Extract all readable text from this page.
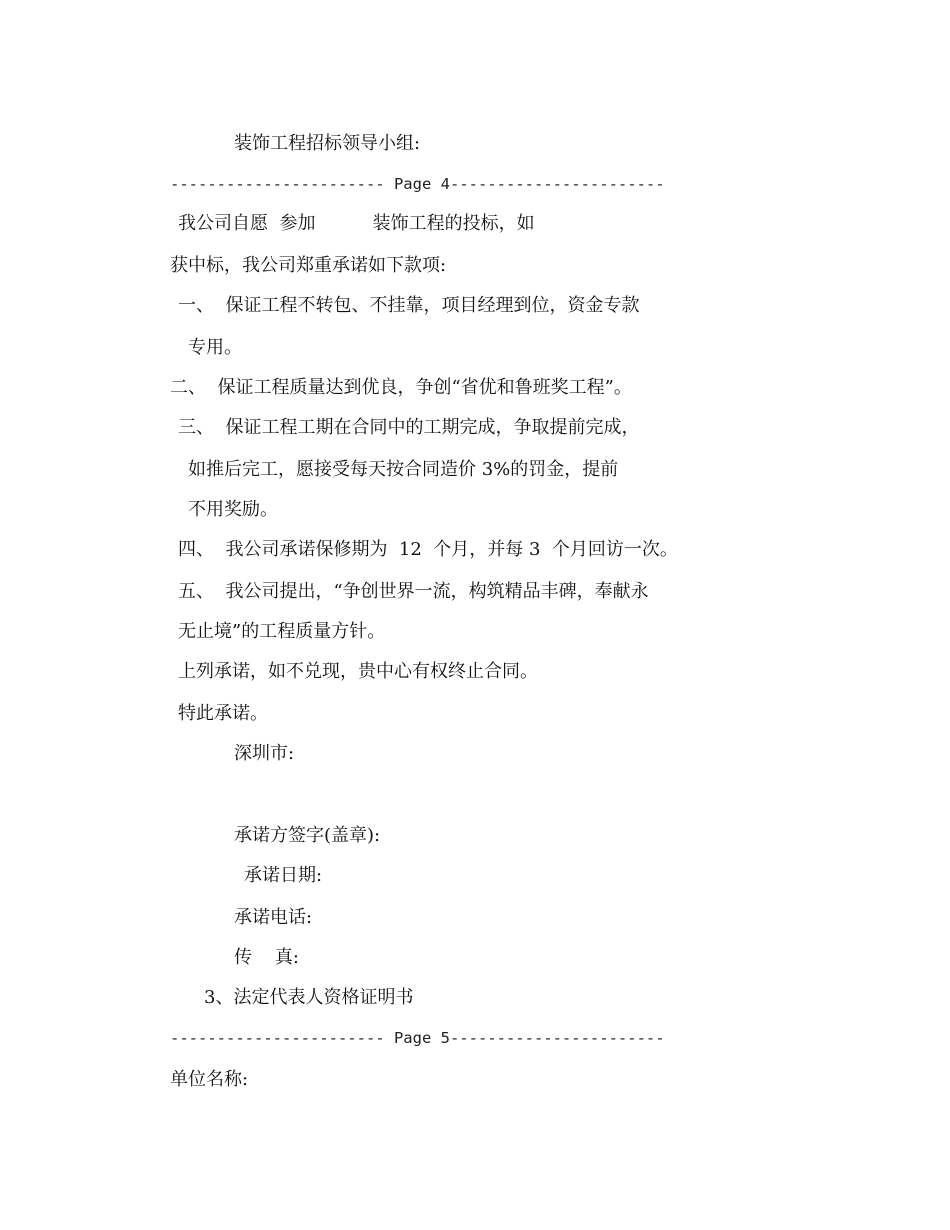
装饰工程招标领导小组:
----------------------- Page 4-----------------------
我公司自愿  参加          装饰工程的投标，如
获中标，我公司郑重承诺如下款项:
一、  保证工程不转包、不挂靠，项目经理到位，资金专款
专用。
二、  保证工程质量达到优良，争创“省优和鲁班奖工程”。
三、  保证工程工期在合同中的工期完成，争取提前完成，
如推后完工，愿接受每天按合同造价 3%的罚金，提前
不用奖励。
四、  我公司承诺保修期为  12  个月，并每 3  个月回访一次。
五、  我公司提出，“争创世界一流，构筑精品丰碑，奉献永
无止境”的工程质量方针。
上列承诺，如不兑现，贵中心有权终止合同。
特此承诺。
深圳市:
承诺方签字(盖章):
承诺日期:
承诺电话:
传    真:
3、法定代表人资格证明书
----------------------- Page 5-----------------------
单位名称:
